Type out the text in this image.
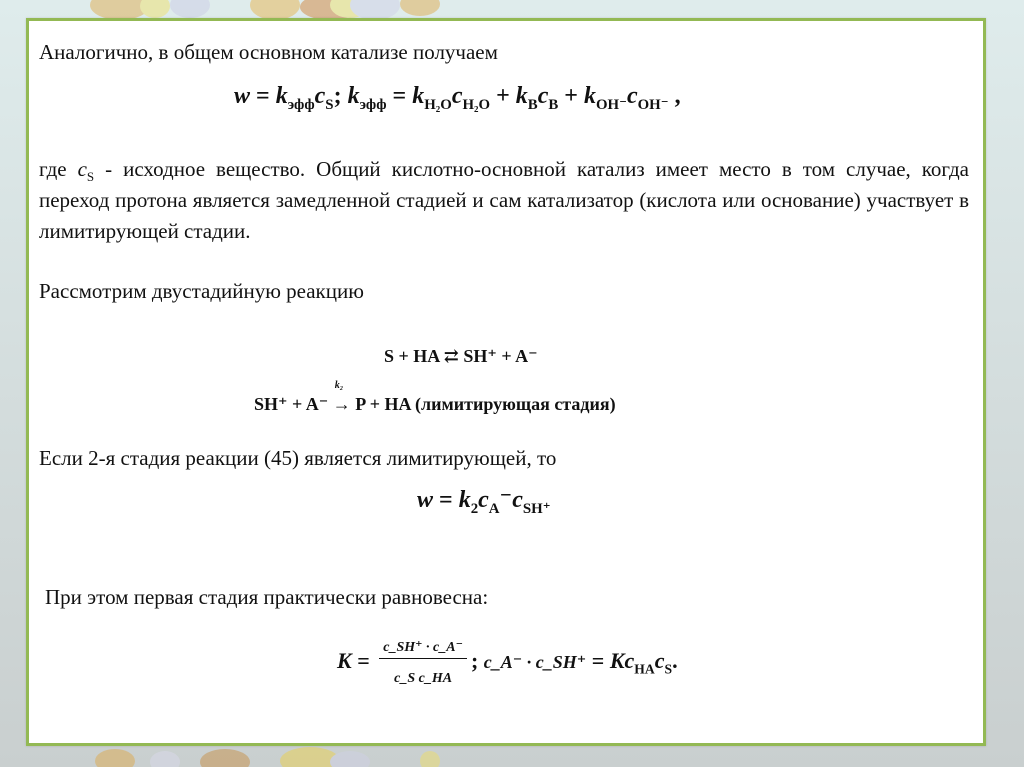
Аналогично, в общем основном катализе получаем
$w = k_{эфф}c_S$; $k_{эфф} = k_{H_2O}c_{H_2O} + k_Bc_B + k_{OH^-}c_{OH^-}$ ,
где $c_S$ - исходное вещество. Общий кислотно-основной катализ имеет место в том случае, когда переход протона является замедленной стадией и сам катализатор (кислота или основание) участвует в лимитирующей стадии.
Рассмотрим двустадийную реакцию
S + HA ⇄ SH⁺ + A⁻
SH⁺ + A⁻
k₂
→ P + HA (лимитирующая стадия)
Если 2-я стадия реакции (45) является лимитирующей, то
$w = k_2c_A^-c_{SH^+}$
При этом первая стадия практически равновесна:
$K = \frac{c\_SH^+ \cdot c\_A^-}{\text{c\_S c\_HA}}$ ; c_A⁻ · c_SH⁺ = $Kc_{HA}c_S$.
